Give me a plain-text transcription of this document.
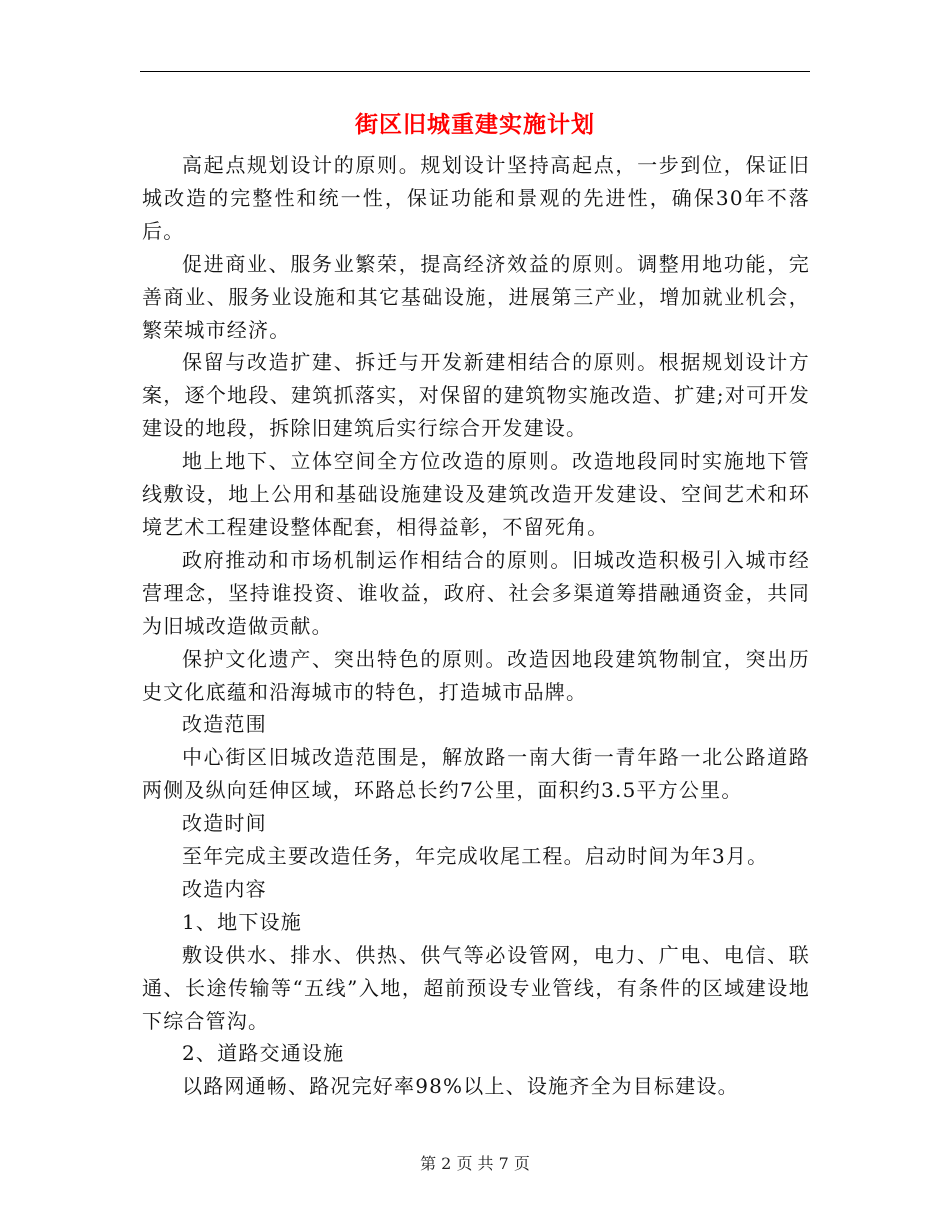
街区旧城重建实施计划

高起点规划设计的原则。规划设计坚持高起点，一步到位，保证旧城改造的完整性和统一性，保证功能和景观的先进性，确保30年不落后。

促进商业、服务业繁荣，提高经济效益的原则。调整用地功能，完善商业、服务业设施和其它基础设施，进展第三产业，增加就业机会，繁荣城市经济。

保留与改造扩建、拆迁与开发新建相结合的原则。根据规划设计方案，逐个地段、建筑抓落实，对保留的建筑物实施改造、扩建;对可开发建设的地段，拆除旧建筑后实行综合开发建设。

地上地下、立体空间全方位改造的原则。改造地段同时实施地下管线敷设，地上公用和基础设施建设及建筑改造开发建设、空间艺术和环境艺术工程建设整体配套，相得益彰，不留死角。

政府推动和市场机制运作相结合的原则。旧城改造积极引入城市经营理念，坚持谁投资、谁收益，政府、社会多渠道筹措融通资金，共同为旧城改造做贡献。

保护文化遗产、突出特色的原则。改造因地段建筑物制宜，突出历史文化底蕴和沿海城市的特色，打造城市品牌。

改造范围

中心街区旧城改造范围是，解放路一南大街一青年路一北公路道路两侧及纵向廷伸区域，环路总长约7公里，面积约3.5平方公里。

改造时间

至年完成主要改造任务，年完成收尾工程。启动时间为年3月。

改造内容

1、地下设施

敷设供水、排水、供热、供气等必设管网，电力、广电、电信、联通、长途传输等“五线”入地，超前预设专业管线，有条件的区域建设地下综合管沟。

2、道路交通设施

以路网通畅、路况完好率98%以上、设施齐全为目标建设。

第 2 页 共 7 页
